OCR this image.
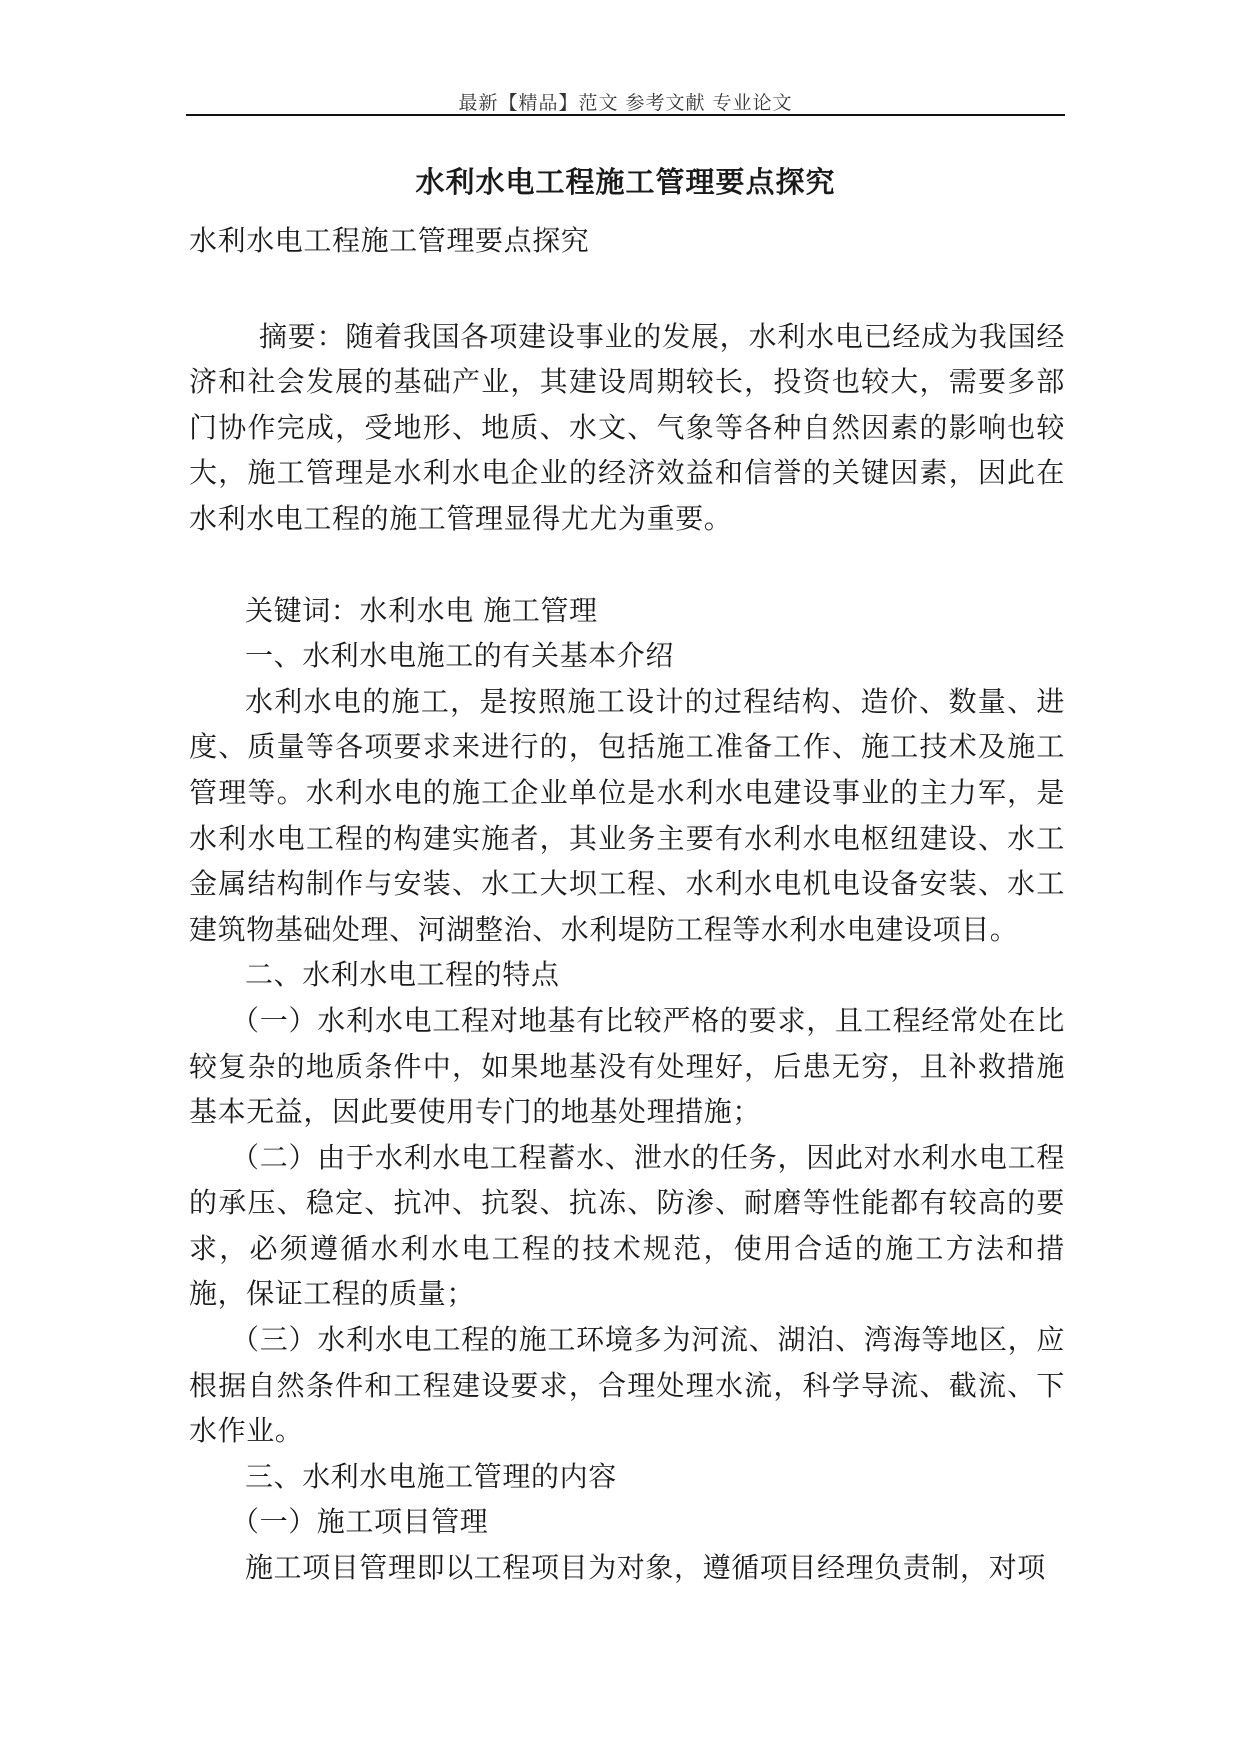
最新【精品】范文 参考文献 专业论文
水利水电工程施工管理要点探究

水利水电工程施工管理要点探究

摘要：随着我国各项建设事业的发展，水利水电已经成为我国经济和社会发展的基础产业，其建设周期较长，投资也较大，需要多部门协作完成，受地形、地质、水文、气象等各种自然因素的影响也较大，施工管理是水利水电企业的经济效益和信誉的关键因素，因此在水利水电工程的施工管理显得尤尤为重要。

关键词：水利水电 施工管理

一、水利水电施工的有关基本介绍

水利水电的施工，是按照施工设计的过程结构、造价、数量、进度、质量等各项要求来进行的，包括施工准备工作、施工技术及施工管理等。水利水电的施工企业单位是水利水电建设事业的主力军，是水利水电工程的构建实施者，其业务主要有水利水电枢纽建设、水工金属结构制作与安装、水工大坝工程、水利水电机电设备安装、水工建筑物基础处理、河湖整治、水利堤防工程等水利水电建设项目。

二、水利水电工程的特点

（一）水利水电工程对地基有比较严格的要求，且工程经常处在比较复杂的地质条件中，如果地基没有处理好，后患无穷，且补救措施基本无益，因此要使用专门的地基处理措施；

（二）由于水利水电工程蓄水、泄水的任务，因此对水利水电工程的承压、稳定、抗冲、抗裂、抗冻、防渗、耐磨等性能都有较高的要求，必须遵循水利水电工程的技术规范，使用合适的施工方法和措施，保证工程的质量；

（三）水利水电工程的施工环境多为河流、湖泊、湾海等地区，应根据自然条件和工程建设要求，合理处理水流，科学导流、截流、下水作业。

三、水利水电施工管理的内容

（一）施工项目管理

施工项目管理即以工程项目为对象，遵循项目经理负责制，对项
